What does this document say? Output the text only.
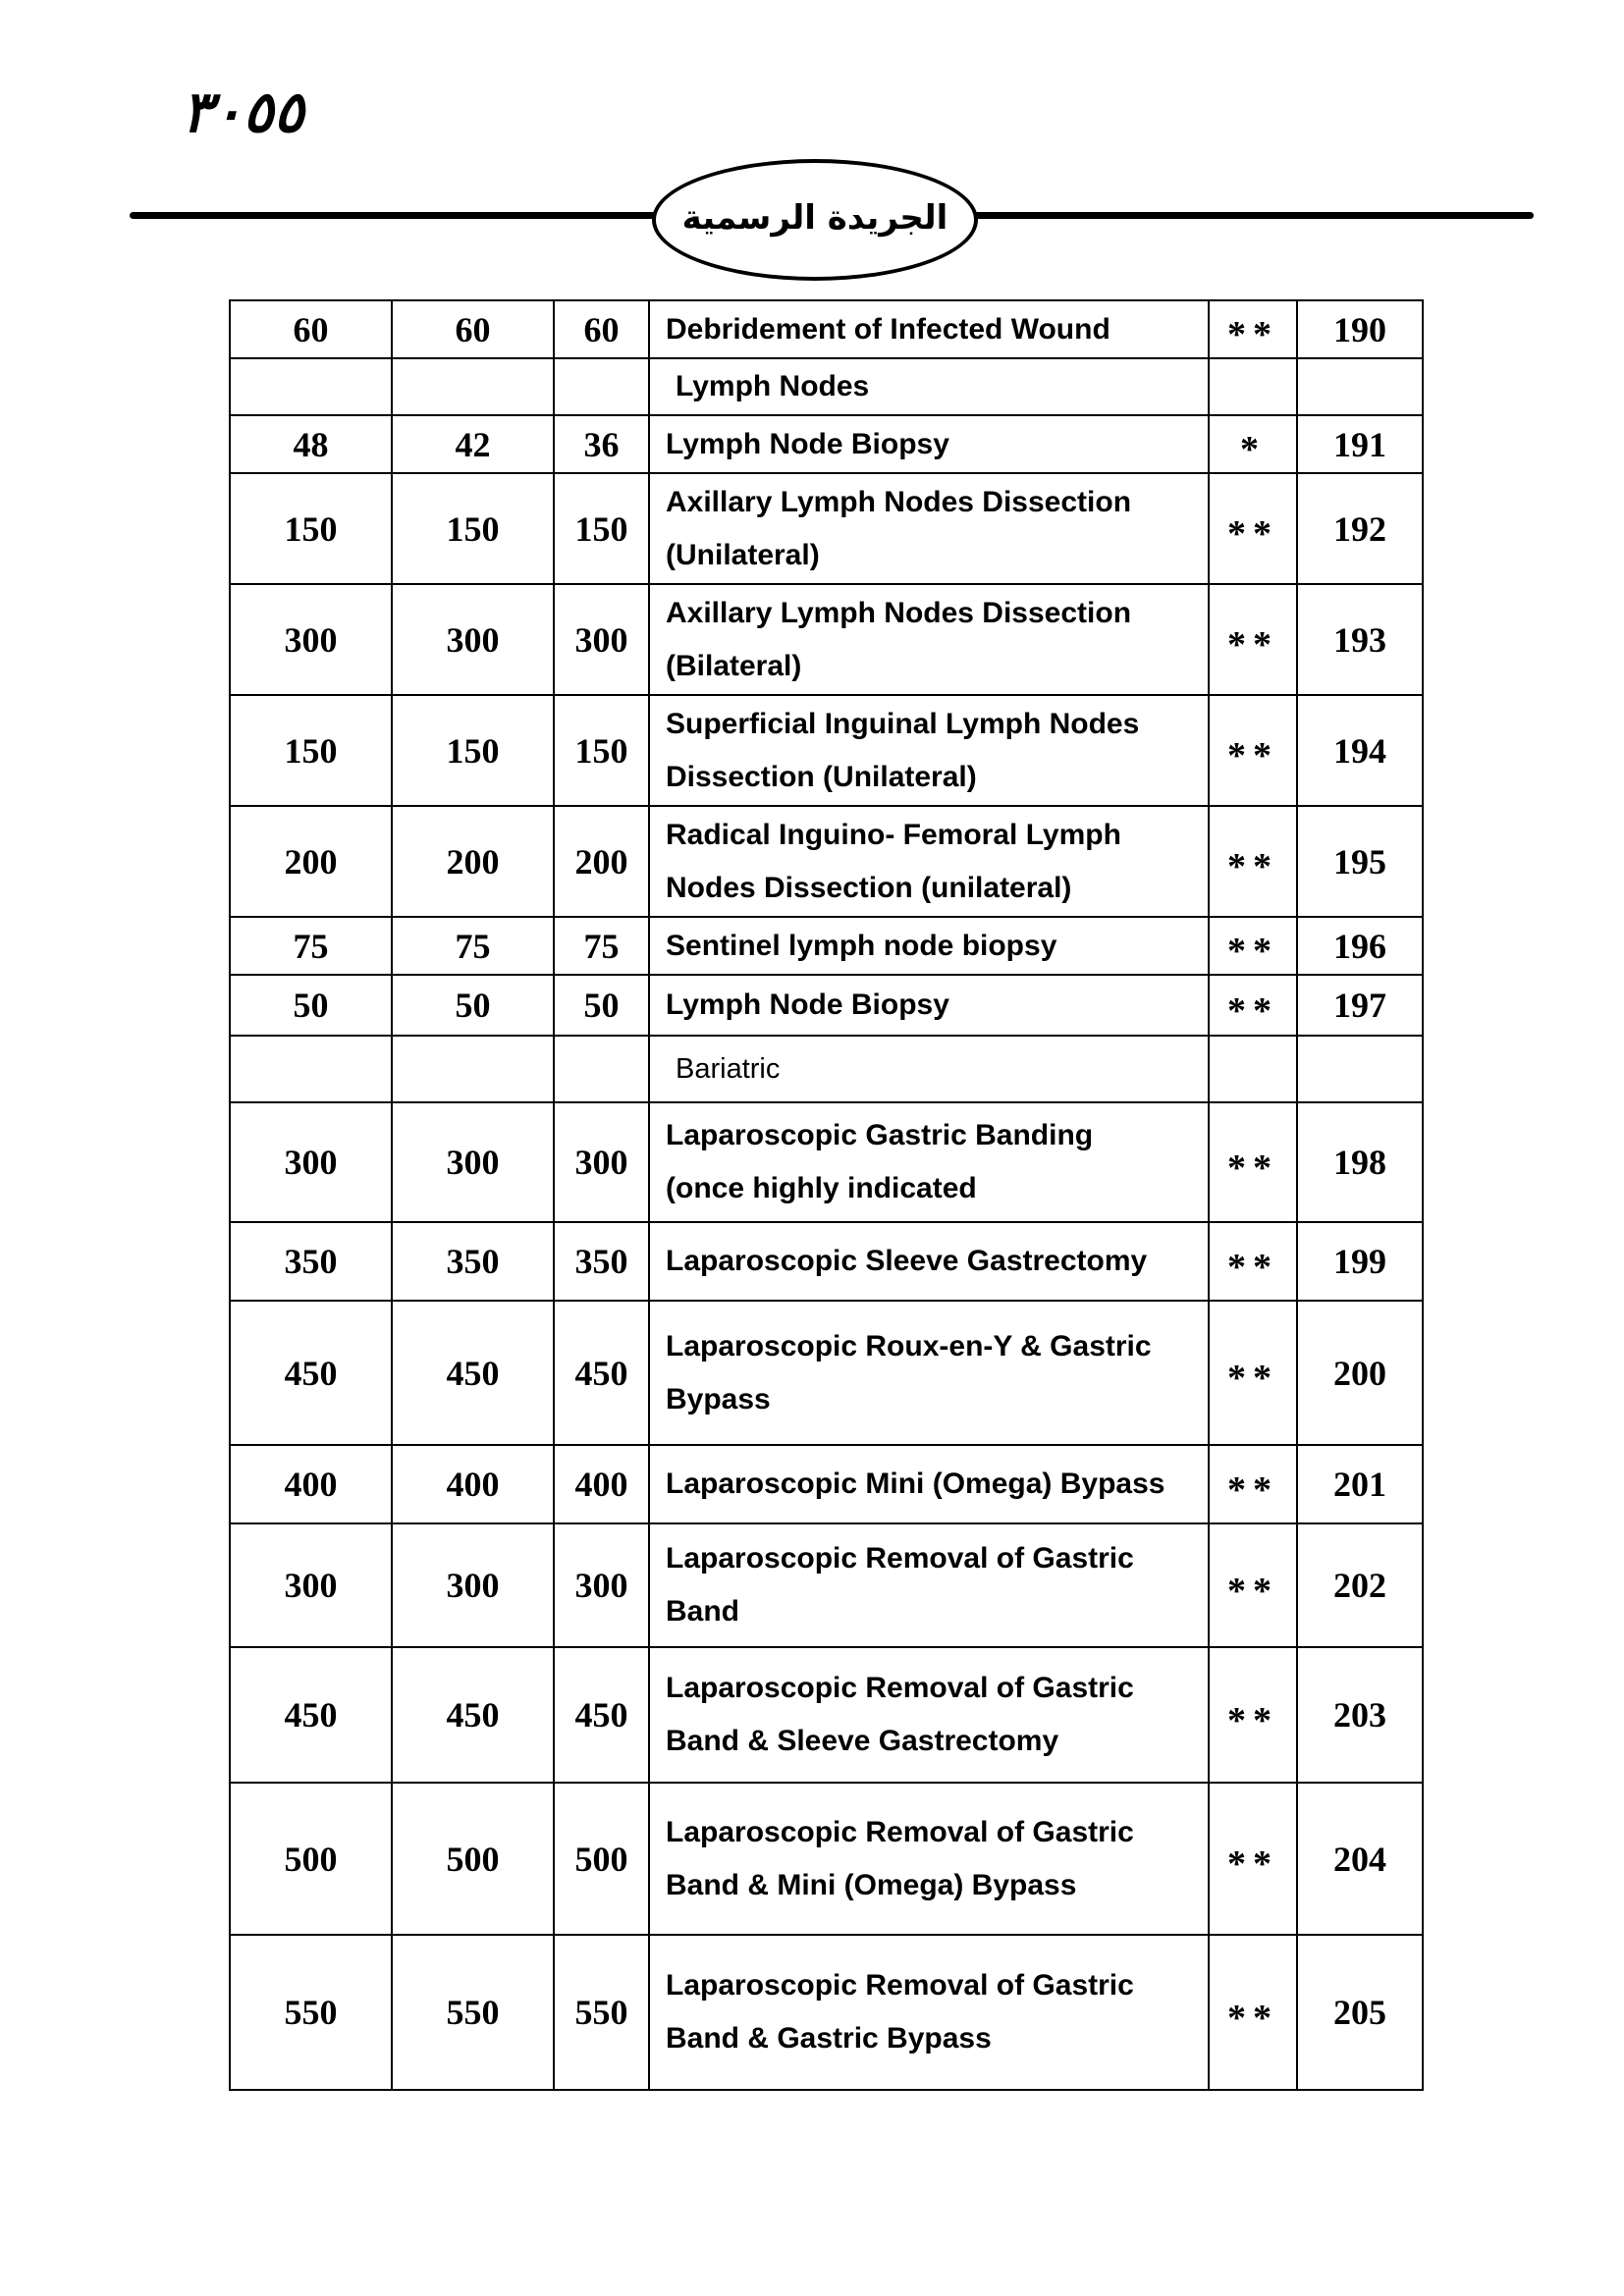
٣٠٥٥
الجريدة الرسمية
60	60	60	Debridement of Infected Wound	**	190

			Lymph Nodes		

48	42	36	Lymph Node Biopsy	*	191
150	150	150	Axillary Lymph Nodes Dissection
(Unilateral)	**	192
300	300	300	Axillary Lymph Nodes Dissection
(Bilateral)	**	193
150	150	150	Superficial Inguinal Lymph Nodes
Dissection (Unilateral)	**	194
200	200	200	Radical Inguino- Femoral Lymph
Nodes Dissection (unilateral)	**	195
75	75	75	Sentinel lymph node biopsy	**	196
50	50	50	Lymph Node Biopsy	**	197

			Bariatric		

300	300	300	Laparoscopic Gastric Banding
(once highly indicated	**	198
350	350	350	Laparoscopic Sleeve Gastrectomy	**	199
450	450	450	Laparoscopic Roux-en-Y & Gastric
Bypass	**	200
400	400	400	Laparoscopic Mini (Omega) Bypass	**	201
300	300	300	Laparoscopic Removal of Gastric
Band	**	202
450	450	450	Laparoscopic Removal of Gastric
Band & Sleeve Gastrectomy	**	203
500	500	500	Laparoscopic Removal of Gastric
Band & Mini (Omega) Bypass	**	204
550	550	550	Laparoscopic Removal of Gastric
Band & Gastric Bypass	**	205
